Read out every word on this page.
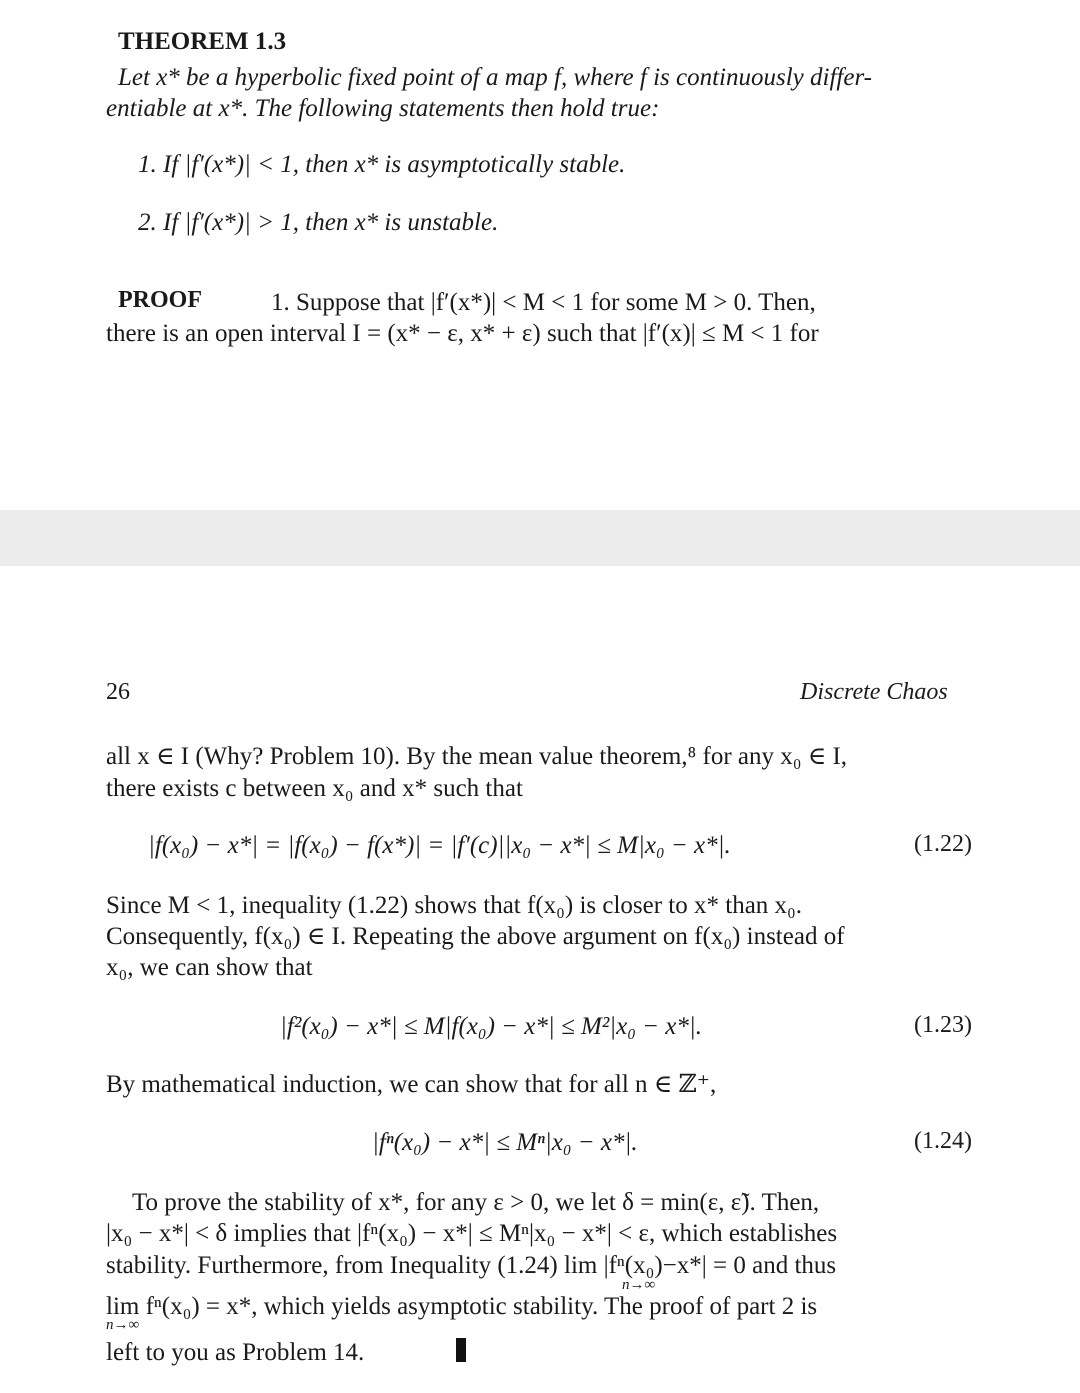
THEOREM 1.3
Let x* be a hyperbolic fixed point of a map f, where f is continuously differ-
entiable at x*. The following statements then hold true:
1. If |f′(x*)| < 1, then x* is asymptotically stable.
2. If |f′(x*)| > 1, then x* is unstable.
PROOF	1. Suppose that |f′(x*)| < M < 1 for some M > 0. Then,
there is an open interval I = (x* − ε, x* + ε) such that |f′(x)| ≤ M < 1 for
26	Discrete Chaos
all x ∈ I (Why? Problem 10). By the mean value theorem,⁸ for any x₀ ∈ I,
there exists c between x₀ and x* such that
|f(x₀) − x*| = |f(x₀) − f(x*)| = |f′(c)||x₀ − x*| ≤ M|x₀ − x*|.	(1.22)
Since M < 1, inequality (1.22) shows that f(x₀) is closer to x* than x₀.
Consequently, f(x₀) ∈ I. Repeating the above argument on f(x₀) instead of
x₀, we can show that
|f²(x₀) − x*| ≤ M|f(x₀) − x*| ≤ M²|x₀ − x*|.	(1.23)
By mathematical induction, we can show that for all n ∈ ℤ⁺,
|fⁿ(x₀) − x*| ≤ Mⁿ|x₀ − x*|.	(1.24)
To prove the stability of x*, for any ε > 0, we let δ = min(ε, ε̃). Then,
|x₀ − x*| < δ implies that |fⁿ(x₀) − x*| ≤ Mⁿ|x₀ − x*| < ε, which establishes
stability. Furthermore, from Inequality (1.24) lim |fⁿ(x₀)−x*| = 0 and thus
n→∞
lim fⁿ(x₀) = x*, which yields asymptotic stability. The proof of part 2 is
n→∞
left to you as Problem 14.
